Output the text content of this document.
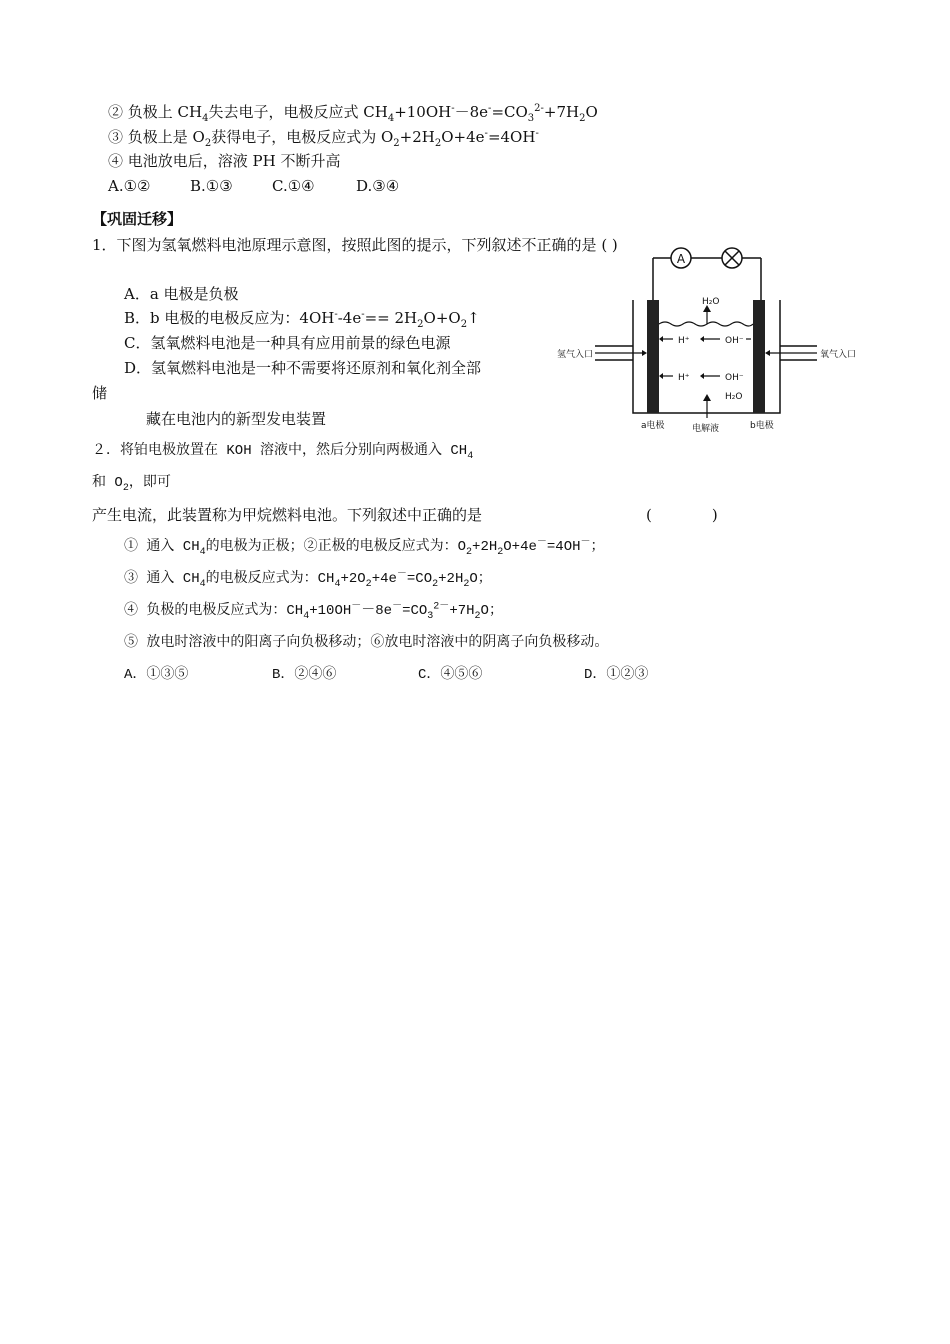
② 负极上 $CH_4$失去电子，电极反应式 $CH_4+10OH^--8e^-=CO_3^{2-}+7H_2O$
③ 负极上是 $O_2$获得电子，电极反应式为 $O_2+2H_2O+4e^-=4OH^-$
④ 电池放电后，溶液 PH 不断升高
A.①②	B.①③	C.①④	D.③④
【巩固迁移】
1．下图为氢氧燃料电池原理示意图，按照此图的提示，下列叙述不正确的是 ( )
A．a 电极是负极
B．b 电极的电极反应为：$4OH^--4e^-== 2H_2O+O_2↑$
C．氢氧燃料电池是一种具有应用前景的绿色电源
D．氢氧燃料电池是一种不需要将还原剂和氧化剂全部
储
藏在电池内的新型发电装置
A
H₂O
H⁺	OH⁻
H⁺	OH⁻
H₂O
氢气入口	氧气入口
a电极	电解液	b电极
２．将铂电极放置在 KOH 溶液中，然后分别向两极通入 $CH_4$
和 $O_2$，即可
产生电流，此装置称为甲烷燃料电池。下列叙述中正确的是	(　　　　)
① 通入 $CH_4$的电极为正极；②正极的电极反应式为：$O_2+2H_2O+4e^-=4OH^-$；
③ 通入 $CH_4$的电极反应式为：$CH_4+2O_2+4e^-=CO_2+2H_2O$；
④ 负极的电极反应式为：$CH_4+10OH^--8e^-=CO_3^{2-}+7H_2O$；
⑤ 放电时溶液中的阳离子向负极移动；⑥放电时溶液中的阴离子向负极移动。
A．①③⑤	B．②④⑥	C．④⑤⑥	D．①②③
